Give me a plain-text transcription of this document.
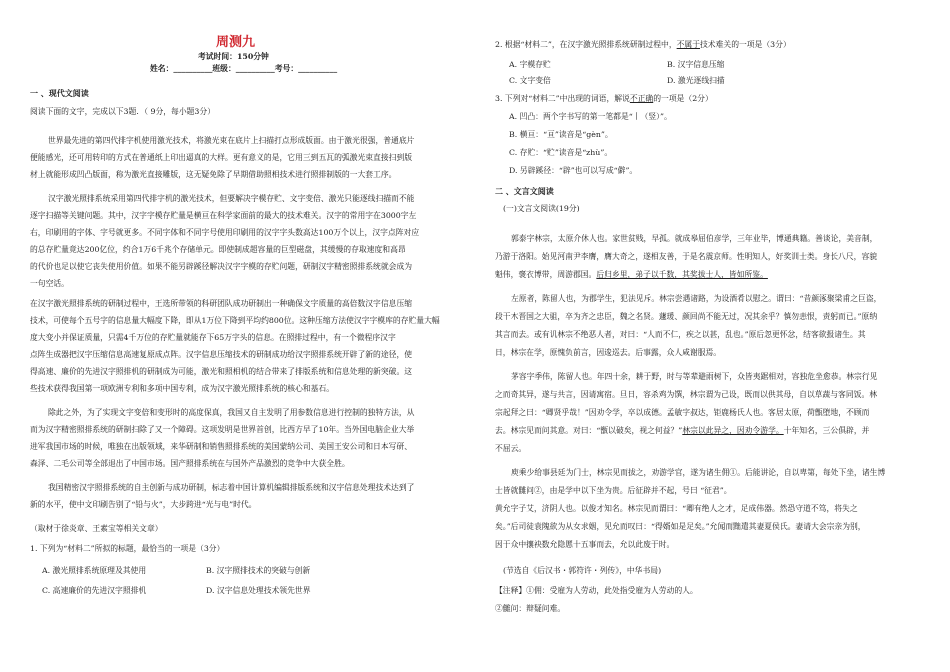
周测九
考试时间：150分钟
姓名：__________班级：__________考号：__________
一 、现代文阅读
阅读下面的文字，完成以下3题．（ 9分，每小题3分）
世界最先进的第四代排字机使用激光技术，将激光束在底片上扫描打点形成版面。由于激光很强，普通底片
便能感光，还可用转印的方式在普通纸上印出逼真的大样。更有意义的是，它用三到五瓦的弧激光束直接扫到版
材上就能形成凹凸版面，称为激光直接雕版，这无疑免除了早期借助照相技术进行照排制版的一大套工序。
汉字激光照排系统采用第四代排字机的激光技术，但要解决字模存贮、文字变倍、激光只能逐线扫描而不能
逐字扫描等关键问题。其中，汉字字模存贮量是横亘在科学家面前的最大的技术难关。汉字的常用字在3000字左
右，印刷用的字体、字号就更多。不同字体和不同字号使用印刷用的汉字字头数高达100万个以上，汉字点阵对应
的总存贮量竟达200亿位，约合1万6千兆个存储单元。即使制成超容量的巨型磁盘，其缓慢的存取速度和高昂
的代价也足以使它丧失使用价值。如果不能另辟蹊径解决汉字字模的存贮问题，研制汉字精密照排系统就会成为
一句空话。
在汉字激光照排系统的研制过程中，王选所带领的科研团队成功研制出一种确保文字质量的高倍数汉字信息压缩
技术，可使每个五号字的信息量大幅度下降，即从1万位下降到平均约800位。这种压缩方法使汉字字模库的存贮量大幅
度大变小并保证质量，只需4千万位的存贮量就能存下65万字头的信息。在照排过程中，有一个微程序汉字
点阵生成器把汉字压缩信息高速复原成点阵。汉字信息压缩技术的研制成功给汉字照排系统开辟了新的途径，使
得高速、廉价的先进汉字照排机的研制成为可能，激光和照相机的结合带来了排版系统和信息处理的新突破。这
些技术获得我国第一项欧洲专利和多项中国专利，成为汉字激光照排系统的核心和基石。
除此之外，为了实现文字变倍和变形时的高度保真，我国又自主发明了用参数信息进行控制的独特方法，从
而为汉字精密照排系统的研制扫除了又一个障碍。这项发明是世界首创，比西方早了10年。当外国电脑企业大举
进军我国市场的时候，唯独在出版领域，来华研制和销售照排系统的美国蒙纳公司、美国王安公司和日本写研、
森泽、二毛公司等全部退出了中国市场。国产照排系统在与国外产品激烈的竞争中大获全胜。
我国精密汉字照排系统的自主创新与成功研制，标志着中国计算机编辑排版系统和汉字信息处理技术达到了
新的水平，使中文印刷告别了“铅与火”，大步跨进“光与电”时代。
（取材于徐炎章、王素宝等相关文章）
1. 下列为“材料二”所拟的标题，最恰当的一项是（3分）
A. 激光照排系统原理及其使用	B. 汉字照排技术的突破与创新
C. 高速廉价的先进汉字照排机	D. 汉字信息处理技术领先世界
2. 根据“材料二”，在汉字激光照排系统研制过程中，不属于技术难关的一项是（3分）
A. 字模存贮	B. 汉字信息压缩
C. 文字变倍	D. 激光逐线扫描
3. 下列对“材料二”中出现的词语，解说不正确的一项是（2分）
A. 凹凸：两个字书写的第一笔都是“丨（竖）”。
B. 横亘：“亘”读音是“gèn”。
C. 存贮：“贮”读音是“zhù”。
D. 另辟蹊径：“辟”也可以写成“僻”。
二 、文言文阅读
(一)文言文阅读(19分)
郭泰字林宗，太原介休人也。家世贫贱，早孤。就成皋屈伯彦学，三年业毕，博通典籍。善谈论，美音制，
乃游于洛阳。始见河南尹李膺，膺大奇之，遂相友善，于是名震京师。性明知人，好奖训士类。身长八尺，容貌
魁伟，褒衣博带，周游郡国。后归乡里，弟子以千数，其奖拔士人，皆如所鉴。
左原者，陈留人也，为郡学生，犯法见斥。林宗尝遇诸路，为设酒肴以慰之。谓曰：“昔颜涿聚梁甫之巨盗，
段干木晋国之大驵，卒为齐之忠臣，魏之名贤。蘧瑗、颜回尚不能无过，况其余乎？慎勿恚恨，责躬而已。”原纳
其言而去。或有讥林宗不绝恶人者，对曰：“人而不仁，疾之以甚，乱也。”原后忽更怀忿，结客欲报诸生。其
日，林宗在学，原愧负前言，因逡巡去。后事露，众人咸谢服焉。
茅容字季伟，陈留人也。年四十余，耕于野，时与等辈避雨树下，众皆夷踞相对，容独危坐愈恭。林宗行见
之而奇其异，遂与共言，因请寓宿。旦日，容杀鸡为馔，林宗谓为己设，既而以供其母，自以草蔬与客同饭。林
宗起拜之曰：“卿贤乎哉！”因劝令学，卒以成德。孟敏字叔达，钜鹿杨氏人也。客居太原，荷甑堕地，不顾而
去。林宗见而问其意。对曰：“甑以破矣，视之何益？”林宗以此异之，因劝令游学。十年知名，三公俱辟，并
不屈云。
庾乘少给事县廷为门士，林宗见而拔之，劝游学官，遂为诸生佣①。后能讲论，自以卑第，每处下坐，诸生博
士皆就雠问②，由是学中以下坐为贵。后征辟并不起，号曰 “征君”。
黄允字子艾，济阴人也。以俊才知名。林宗见而谓曰：“卿有绝人之才，足成伟器。然恐守道不笃，将失之
矣。”后司徒袁隗欲为从女求姻，见允而叹曰：“得婿如是足矣。”允闻而黜遣其妻夏侯氏。妻请大会宗亲为别，
因于众中攘袂数允隐慝十五事而去，允以此废于时。
(节选自《后汉书・郭符许・列传》，中华书局)
【注释】①佣：受雇为人劳动，此处指受雇为人劳动的人。
②雠问：辩疑问难。
